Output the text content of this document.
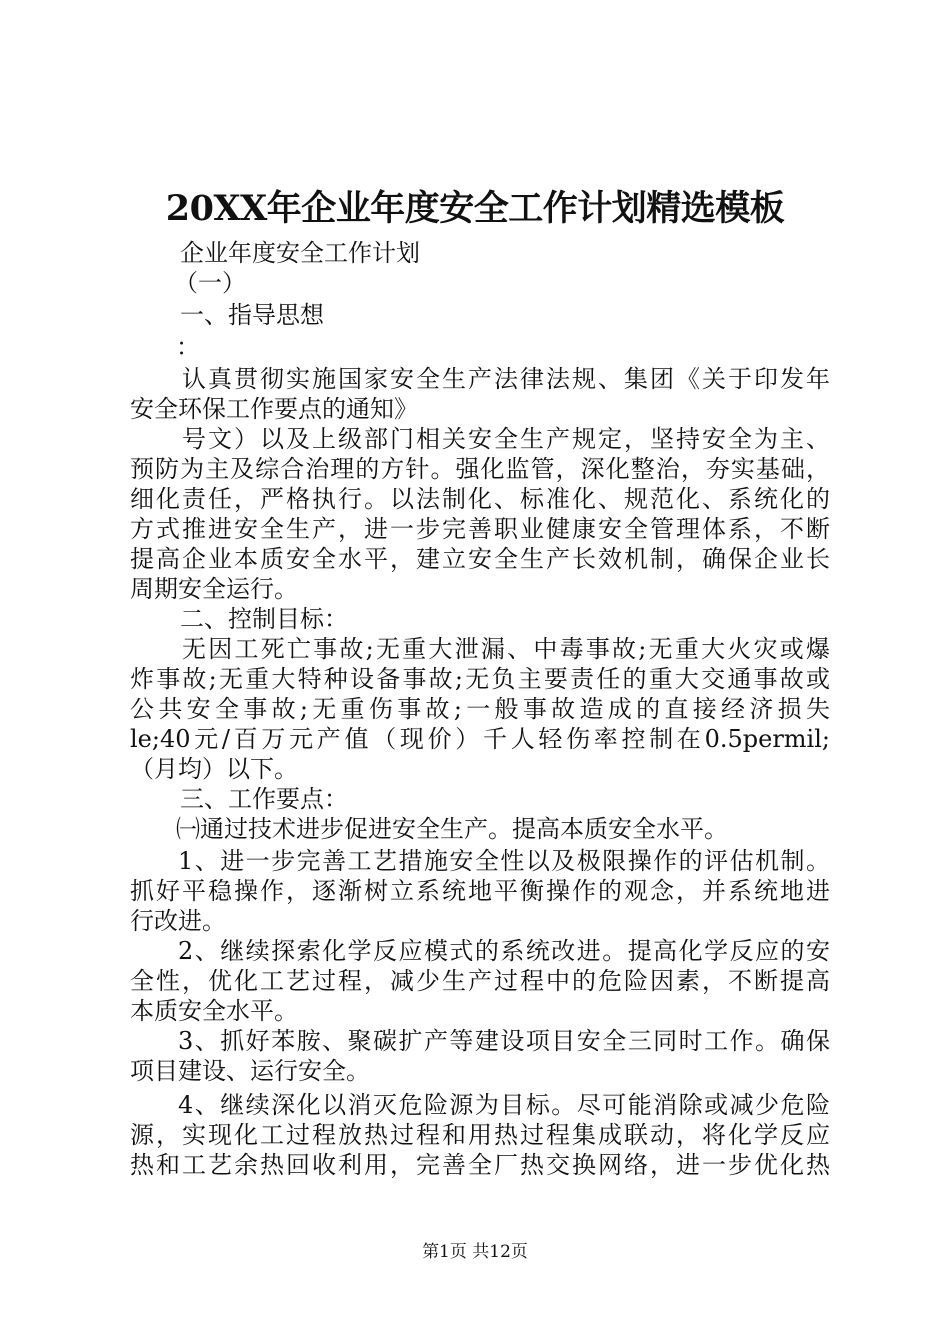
20XX年企业年度安全工作计划精选模板
企业年度安全工作计划
（一）
一、指导思想
：
认真贯彻实施国家安全生产法律法规、集团《关于印发年
安全环保工作要点的通知》
号文）以及上级部门相关安全生产规定，坚持安全为主、
预防为主及综合治理的方针。强化监管，深化整治，夯实基础，
细化责任，严格执行。以法制化、标准化、规范化、系统化的
方式推进安全生产，进一步完善职业健康安全管理体系，不断
提高企业本质安全水平，建立安全生产长效机制，确保企业长
周期安全运行。
二、控制目标：
无因工死亡事故;无重大泄漏、中毒事故;无重大火灾或爆
炸事故;无重大特种设备事故;无负主要责任的重大交通事故或
公共安全事故;无重伤事故;一般事故造成的直接经济损失
le;40元/百万元产值（现价）千人轻伤率控制在0.5permil;
（月均）以下。
三、工作要点：
㈠通过技术进步促进安全生产。提高本质安全水平。
1、进一步完善工艺措施安全性以及极限操作的评估机制。
抓好平稳操作，逐渐树立系统地平衡操作的观念，并系统地进
行改进。
2、继续探索化学反应模式的系统改进。提高化学反应的安
全性，优化工艺过程，减少生产过程中的危险因素，不断提高
本质安全水平。
3、抓好苯胺、聚碳扩产等建设项目安全三同时工作。确保
项目建设、运行安全。
4、继续深化以消灭危险源为目标。尽可能消除或减少危险
源，实现化工过程放热过程和用热过程集成联动，将化学反应
热和工艺余热回收利用，完善全厂热交换网络，进一步优化热
第1页 共12页
